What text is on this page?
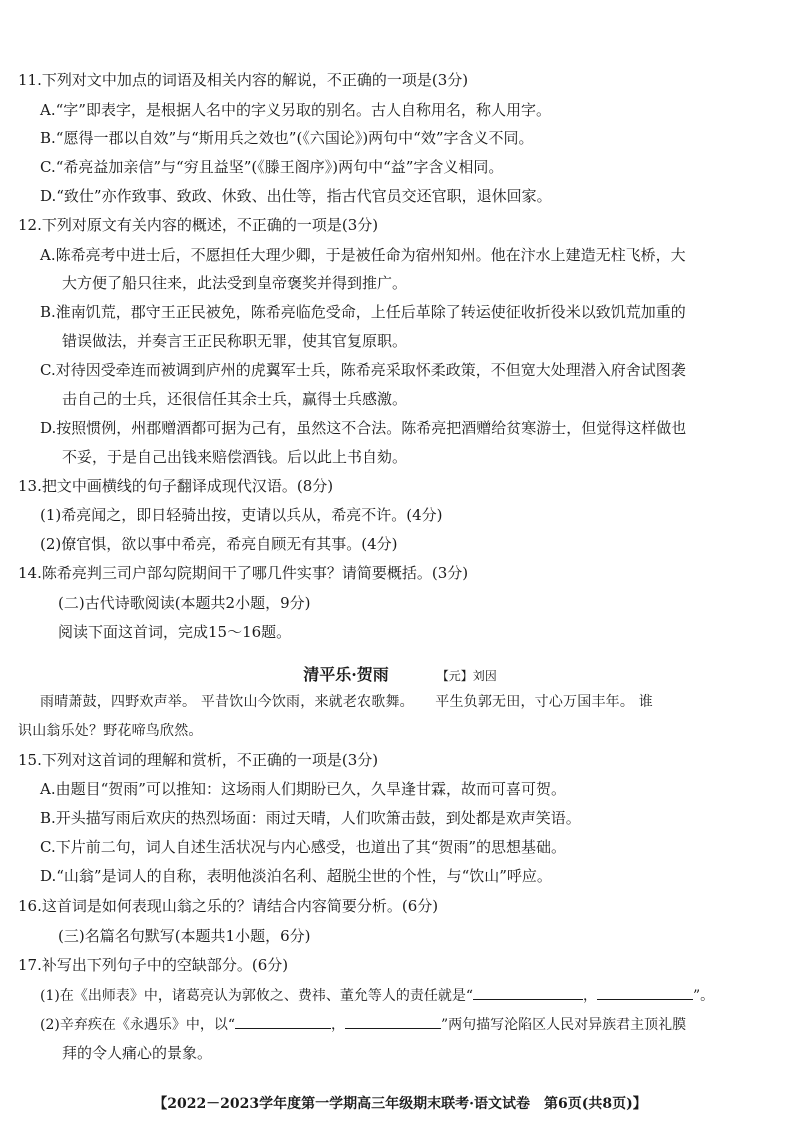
11.下列对文中加点的词语及相关内容的解说，不正确的一项是(3分)
A.“字”即表字，是根据人名中的字义另取的别名。古人自称用名，称人用字。
B.“愿得一郡以自效”与“斯用兵之效也”(《六国论》)两句中“效”字含义不同。
C.“希亮益加亲信”与“穷且益坚”(《滕王阁序》)两句中“益”字含义相同。
D.“致仕”亦作致事、致政、休致、出仕等，指古代官员交还官职，退休回家。
12.下列对原文有关内容的概述，不正确的一项是(3分)
A.陈希亮考中进士后，不愿担任大理少卿，于是被任命为宿州知州。他在汴水上建造无柱飞桥，大
大方便了船只往来，此法受到皇帝褒奖并得到推广。
B.淮南饥荒，郡守王正民被免，陈希亮临危受命，上任后革除了转运使征收折役米以致饥荒加重的
错误做法，并奏言王正民称职无罪，使其官复原职。
C.对待因受牵连而被调到庐州的虎翼军士兵，陈希亮采取怀柔政策，不但宽大处理潜入府舍试图袭
击自己的士兵，还很信任其余士兵，赢得士兵感激。
D.按照惯例，州郡赠酒都可据为己有，虽然这不合法。陈希亮把酒赠给贫寒游士，但觉得这样做也
不妥，于是自己出钱来赔偿酒钱。后以此上书自劾。
13.把文中画横线的句子翻译成现代汉语。(8分)
(1)希亮闻之，即日轻骑出按，吏请以兵从，希亮不许。(4分)
(2)僚官惧，欲以事中希亮，希亮自顾无有其事。(4分)
14.陈希亮判三司户部勾院期间干了哪几件实事？请简要概括。(3分)
(二)古代诗歌阅读(本题共2小题，9分)
阅读下面这首词，完成15～16题。
清平乐·贺雨	【元】刘因
雨晴萧鼓，四野欢声举。 平昔饮山今饮雨，来就老农歌舞。　　平生负郭无田，寸心万国丰年。 谁
识山翁乐处？野花啼鸟欣然。
15.下列对这首词的理解和赏析，不正确的一项是(3分)
A.由题目“贺雨”可以推知：这场雨人们期盼已久，久旱逢甘霖，故而可喜可贺。
B.开头描写雨后欢庆的热烈场面：雨过天晴，人们吹箫击鼓，到处都是欢声笑语。
C.下片前二句，词人自述生活状况与内心感受，也道出了其“贺雨”的思想基础。
D.“山翁”是词人的自称，表明他淡泊名利、超脱尘世的个性，与“饮山”呼应。
16.这首词是如何表现山翁之乐的？请结合内容简要分析。(6分)
(三)名篇名句默写(本题共1小题，6分)
17.补写出下列句子中的空缺部分。(6分)
(1)在《出师表》中，诸葛亮认为郭攸之、费祎、董允等人的责任就是“	，	”。
(2)辛弃疾在《永遇乐》中，以“	，	”两句描写沦陷区人民对异族君主顶礼膜
拜的令人痛心的景象。
【2022－2023学年度第一学期高三年级期末联考·语文试卷　第6页(共8页)】
